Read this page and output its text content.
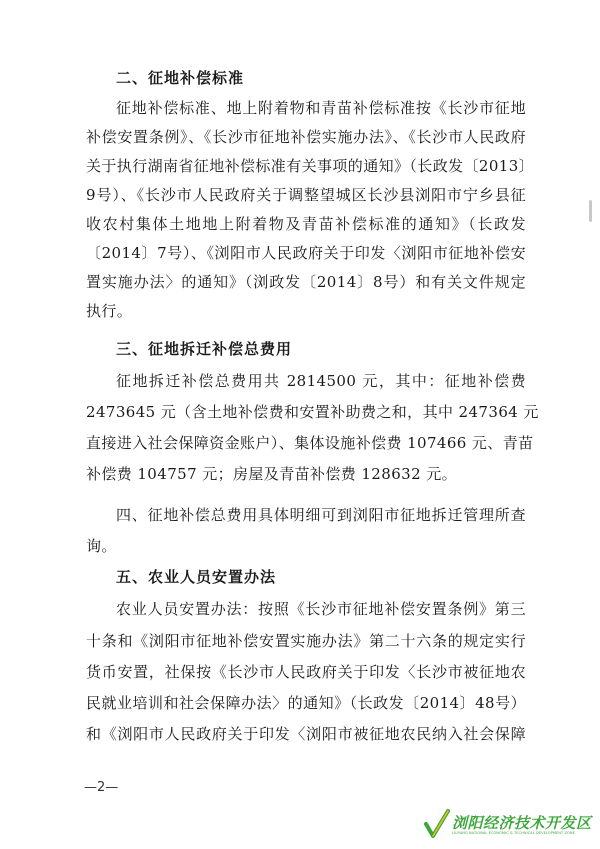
二、征地补偿标准
征地补偿标准、地上附着物和青苗补偿标准按《长沙市征地
补偿安置条例》、《长沙市征地补偿实施办法》、《长沙市人民政府
关于执行湖南省征地补偿标准有关事项的通知》（长政发〔2013〕
9号）、《长沙市人民政府关于调整望城区长沙县浏阳市宁乡县征
收农村集体土地地上附着物及青苗补偿标准的通知》（长政发
〔2014〕7号）、《浏阳市人民政府关于印发〈浏阳市征地补偿安
置实施办法〉的通知》（浏政发〔2014〕8号）和有关文件规定
执行。
三、征地拆迁补偿总费用
征地拆迁补偿总费用共 2814500 元，其中：征地补偿费
2473645 元（含土地补偿费和安置补助费之和，其中 247364 元
直接进入社会保障资金账户）、集体设施补偿费 107466 元、青苗
补偿费 104757 元；房屋及青苗补偿费 128632 元。
四、征地补偿总费用具体明细可到浏阳市征地拆迁管理所查
询。
五、农业人员安置办法
农业人员安置办法：按照《长沙市征地补偿安置条例》第三
十条和《浏阳市征地补偿安置实施办法》第二十六条的规定实行
货币安置，社保按《长沙市人民政府关于印发〈长沙市被征地农
民就业培训和社会保障办法〉的通知》（长政发〔2014〕48号）
和《浏阳市人民政府关于印发〈浏阳市被征地农民纳入社会保障
—2—
浏阳经济技术开发区
LIUYANG NATIONAL ECONOMIC & TECHNICAL DEVELOPMENT ZONE
